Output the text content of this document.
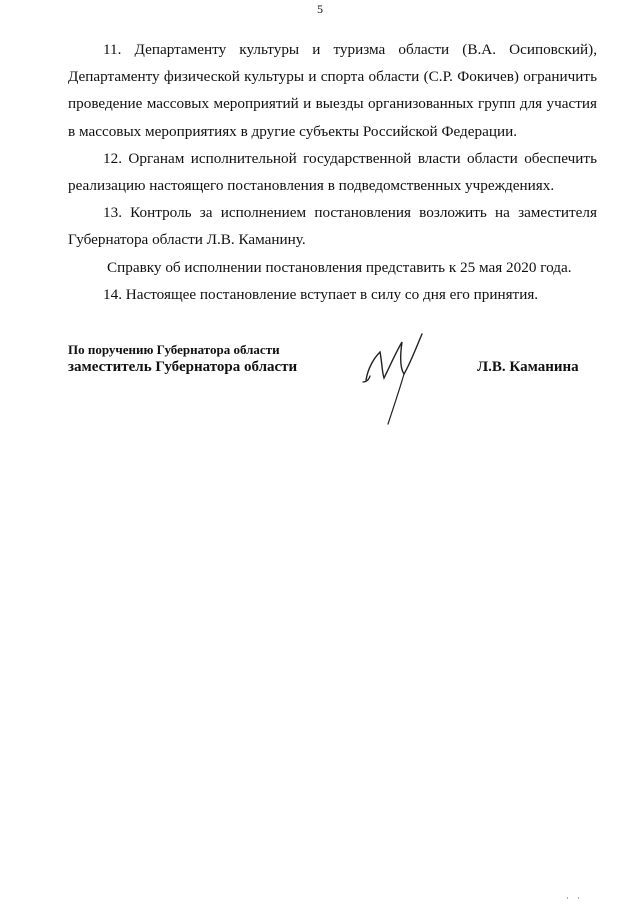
5

11. Департаменту культуры и туризма области (В.А. Осиповский), Департаменту физической культуры и спорта области (С.Р. Фокичев) ограничить проведение массовых мероприятий и выезды организованных групп для участия в массовых мероприятиях в другие субъекты Российской Федерации.

12. Органам исполнительной государственной власти области обеспечить реализацию настоящего постановления в подведомственных учреждениях.

13. Контроль за исполнением постановления возложить на заместителя Губернатора области Л.В. Каманину.

Справку об исполнении постановления представить к 25 мая 2020 года.

14. Настоящее постановление вступает в силу со дня его принятия.

По поручению Губернатора области
заместитель Губернатора области	Л.В. Каманина
··
